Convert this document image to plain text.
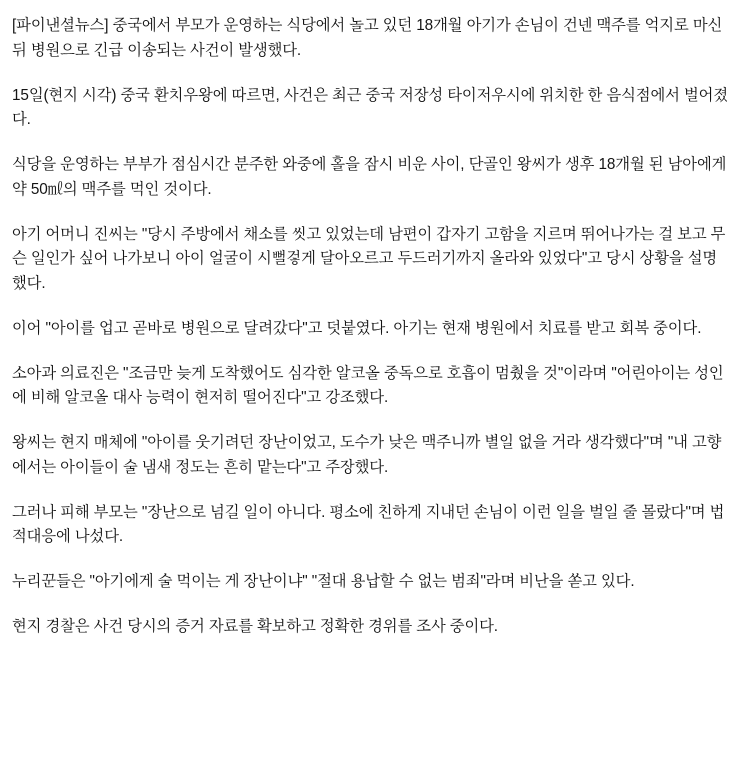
[파이낸셜뉴스] 중국에서 부모가 운영하는 식당에서 놀고 있던 18개월 아기가 손님이 건넨 맥주를 억지로 마신 뒤 병원으로 긴급 이송되는 사건이 발생했다.

15일(현지 시각) 중국 환치우왕에 따르면, 사건은 최근 중국 저장성 타이저우시에 위치한 한 음식점에서 벌어졌다.

식당을 운영하는 부부가 점심시간 분주한 와중에 홀을 잠시 비운 사이, 단골인 왕씨가 생후 18개월 된 남아에게 약 50㎖의 맥주를 먹인 것이다.

아기 어머니 진씨는 "당시 주방에서 채소를 씻고 있었는데 남편이 갑자기 고함을 지르며 뛰어나가는 걸 보고 무슨 일인가 싶어 나가보니 아이 얼굴이 시뻘겋게 달아오르고 두드러기까지 올라와 있었다"고 당시 상황을 설명했다.

이어 "아이를 업고 곧바로 병원으로 달려갔다"고 덧붙였다. 아기는 현재 병원에서 치료를 받고 회복 중이다.

소아과 의료진은 "조금만 늦게 도착했어도 심각한 알코올 중독으로 호흡이 멈췄을 것"이라며 "어린아이는 성인에 비해 알코올 대사 능력이 현저히 떨어진다"고 강조했다.

왕씨는 현지 매체에 "아이를 웃기려던 장난이었고, 도수가 낮은 맥주니까 별일 없을 거라 생각했다"며 "내 고향에서는 아이들이 술 냄새 정도는 흔히 맡는다"고 주장했다.

그러나 피해 부모는 "장난으로 넘길 일이 아니다. 평소에 친하게 지내던 손님이 이런 일을 벌일 줄 몰랐다"며 법적대응에 나섰다.

누리꾼들은 "아기에게 술 먹이는 게 장난이냐" "절대 용납할 수 없는 범죄"라며 비난을 쏟고 있다.

현지 경찰은 사건 당시의 증거 자료를 확보하고 정확한 경위를 조사 중이다.
